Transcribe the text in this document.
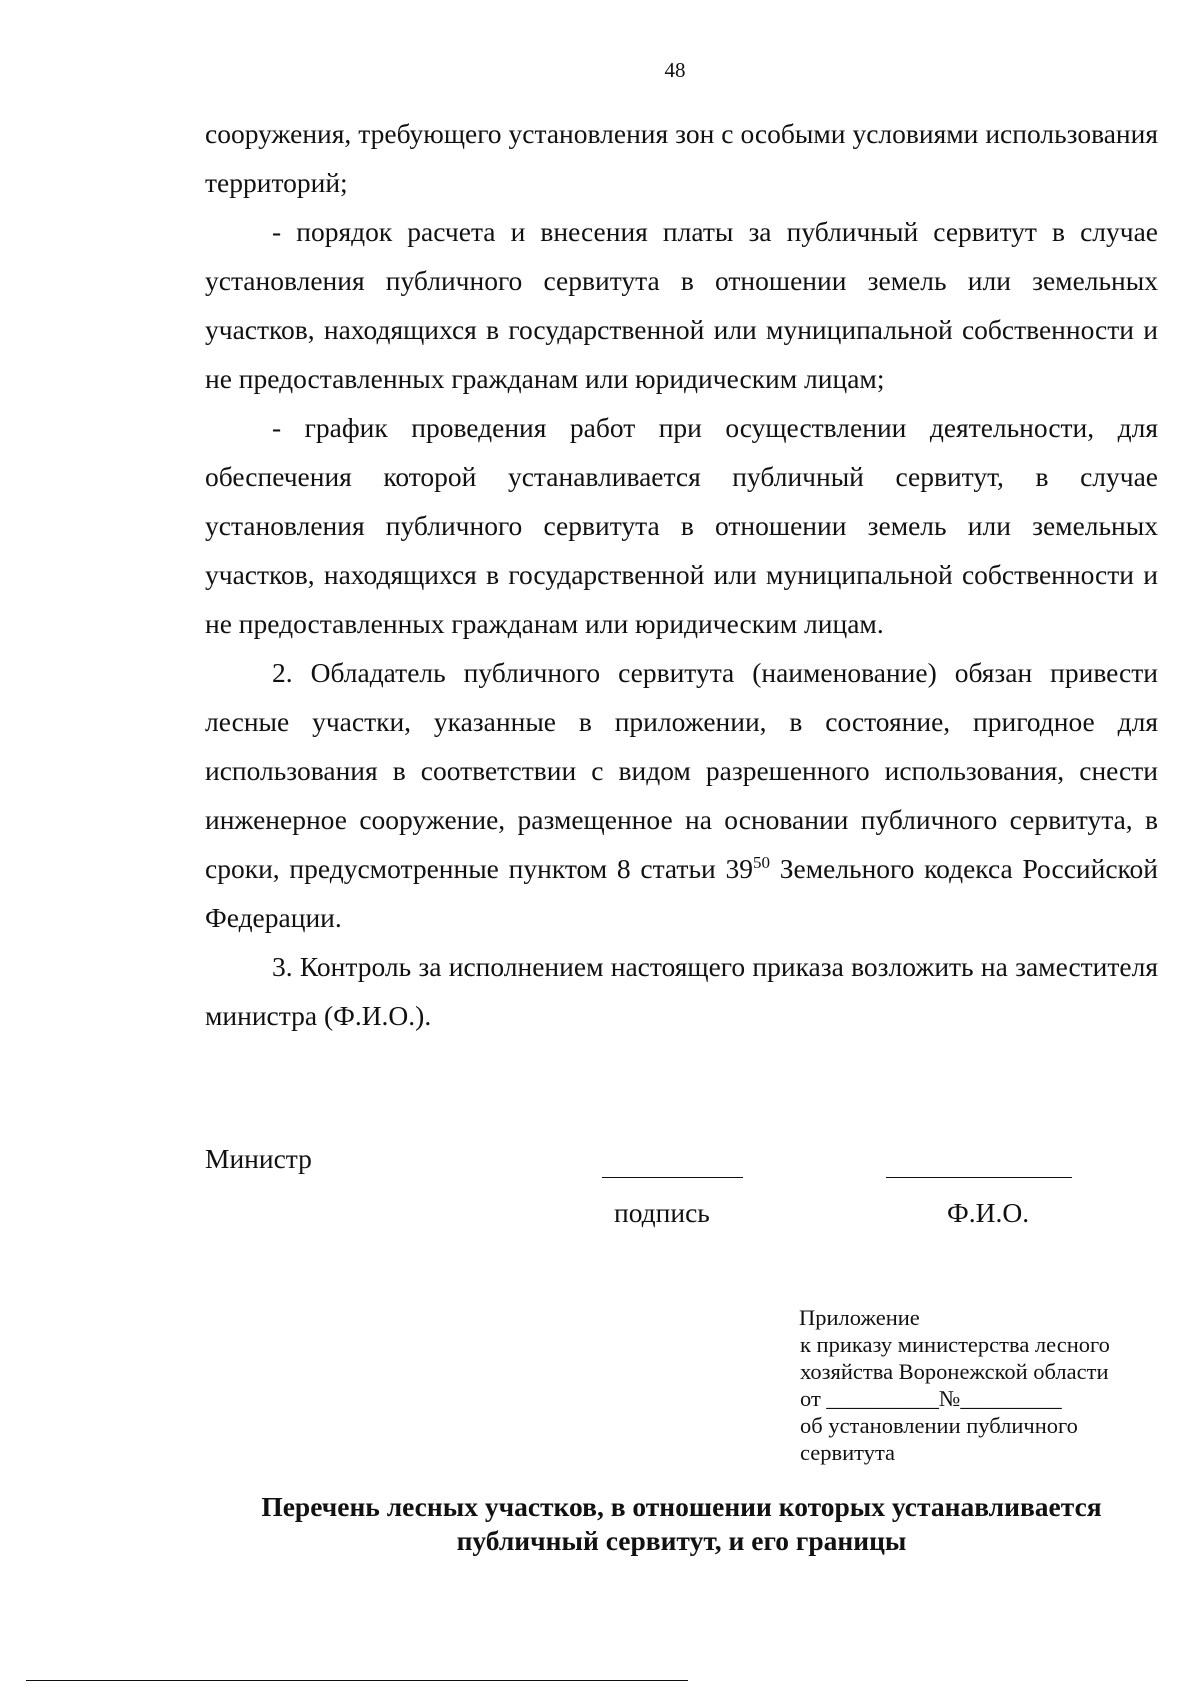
48

сооружения, требующего установления зон с особыми условиями использования территорий;

- порядок расчета и внесения платы за публичный сервитут в случае установления публичного сервитута в отношении земель или земельных участков, находящихся в государственной или муниципальной собственности и не предоставленных гражданам или юридическим лицам;

- график проведения работ при осуществлении деятельности, для обеспечения которой устанавливается публичный сервитут, в случае установления публичного сервитута в отношении земель или земельных участков, находящихся в государственной или муниципальной собственности и не предоставленных гражданам или юридическим лицам.

2. Обладатель публичного сервитута (наименование) обязан привести лесные участки, указанные в приложении, в состояние, пригодное для использования в соответствии с видом разрешенного использования, снести инженерное сооружение, размещенное на основании публичного сервитута, в сроки, предусмотренные пунктом 8 статьи $39^{50}$ Земельного кодекса Российской Федерации.

3. Контроль за исполнением настоящего приказа возложить на заместителя министра (Ф.И.О.).

Министр
подпись	Ф.И.О.
Приложение
к приказу министерства лесного
хозяйства Воронежской области
от __________№_________
об установлении публичного
сервитута
Перечень лесных участков, в отношении которых устанавливается
публичный сервитут, и его границы
